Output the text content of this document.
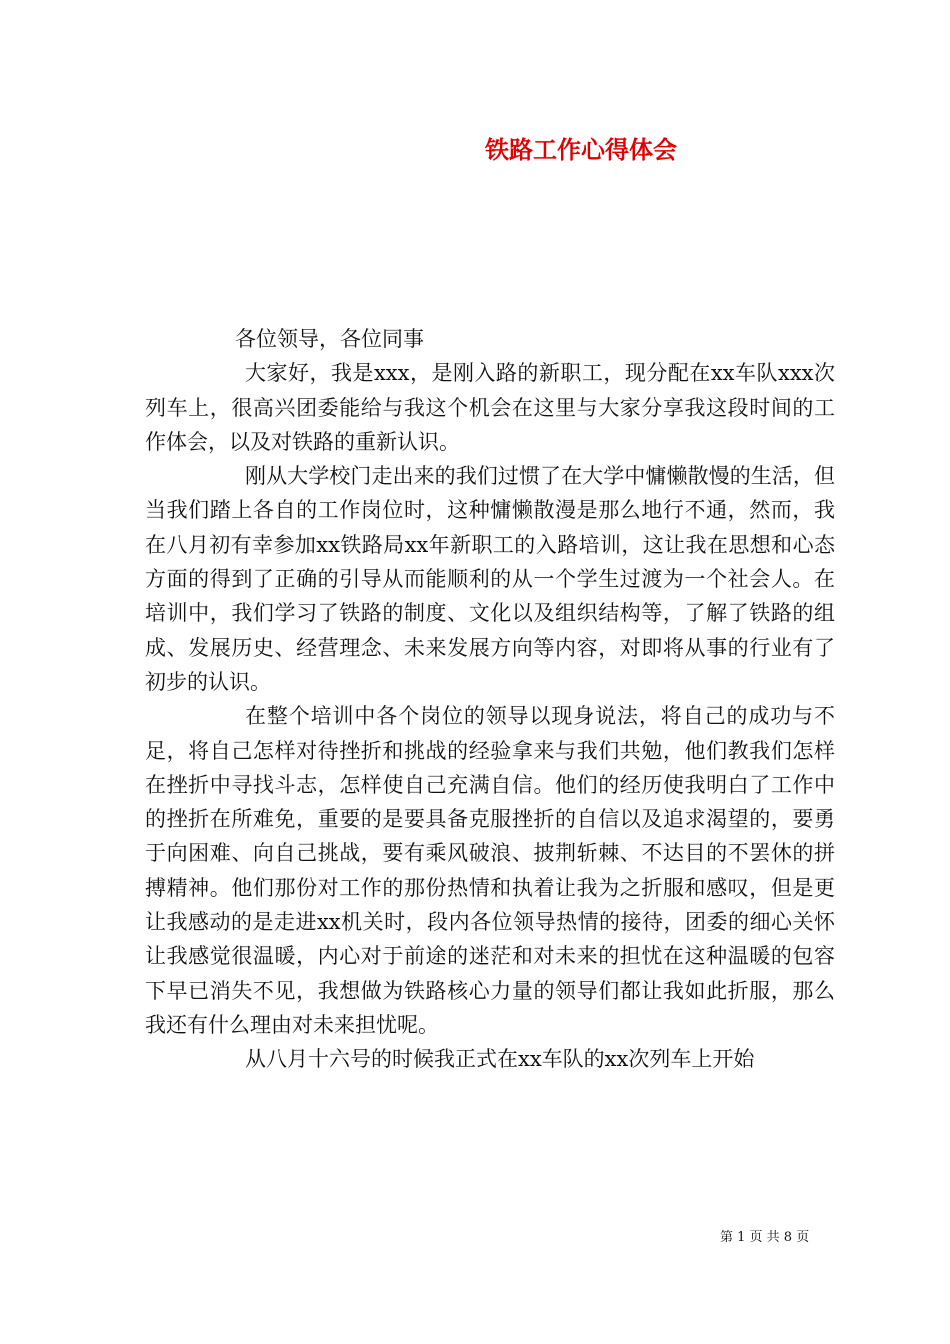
铁路工作心得体会

各位领导，各位同事

大家好，我是xxx，是刚入路的新职工，现分配在xx车队xxx次列车上，很高兴团委能给与我这个机会在这里与大家分享我这段时间的工作体会，以及对铁路的重新认识。

刚从大学校门走出来的我们过惯了在大学中慵懒散慢的生活，但当我们踏上各自的工作岗位时，这种慵懒散漫是那么地行不通，然而，我在八月初有幸参加xx铁路局xx年新职工的入路培训，这让我在思想和心态方面的得到了正确的引导从而能顺利的从一个学生过渡为一个社会人。在培训中，我们学习了铁路的制度、文化以及组织结构等，了解了铁路的组成、发展历史、经营理念、未来发展方向等内容，对即将从事的行业有了初步的认识。

在整个培训中各个岗位的领导以现身说法，将自己的成功与不足，将自己怎样对待挫折和挑战的经验拿来与我们共勉，他们教我们怎样在挫折中寻找斗志，怎样使自己充满自信。他们的经历使我明白了工作中的挫折在所难免，重要的是要具备克服挫折的自信以及追求渴望的，要勇于向困难、向自己挑战，要有乘风破浪、披荆斩棘、不达目的不罢休的拼搏精神。他们那份对工作的那份热情和执着让我为之折服和感叹，但是更让我感动的是走进xx机关时，段内各位领导热情的接待，团委的细心关怀让我感觉很温暖，内心对于前途的迷茫和对未来的担忧在这种温暖的包容下早已消失不见，我想做为铁路核心力量的领导们都让我如此折服，那么我还有什么理由对未来担忧呢。

从八月十六号的时候我正式在xx车队的xx次列车上开始

第 1 页 共 8 页
